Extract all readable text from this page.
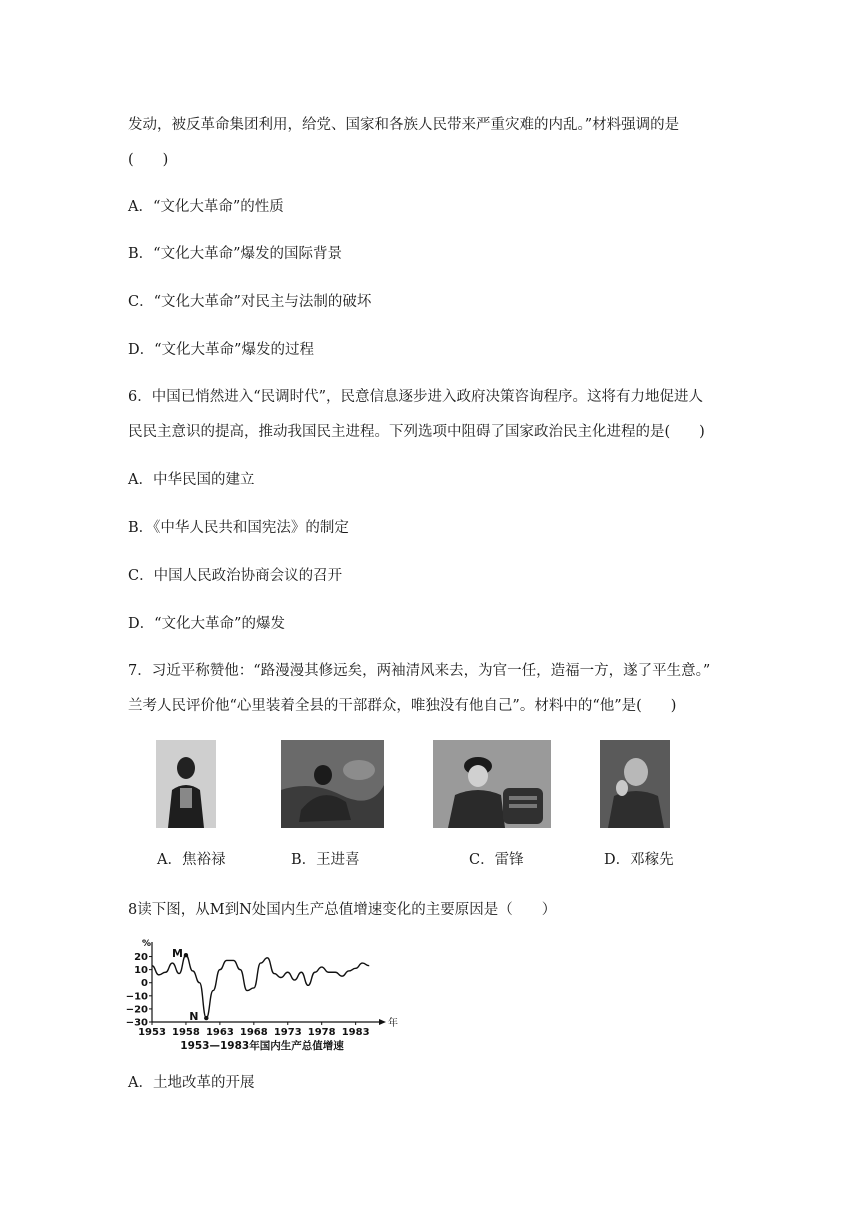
发动，被反革命集团利用，给党、国家和各族人民带来严重灾难的内乱。”材料强调的是
(　　)
A．“文化大革命”的性质
B．“文化大革命”爆发的国际背景
C．“文化大革命”对民主与法制的破坏
D．“文化大革命”爆发的过程
6．中国已悄然进入“民调时代”，民意信息逐步进入政府决策咨询程序。这将有力地促进人
民民主意识的提高，推动我国民主进程。下列选项中阻碍了国家政治民主化进程的是(　　)
A．中华民国的建立
B．《中华人民共和国宪法》的制定
C．中国人民政治协商会议的召开
D．“文化大革命”的爆发
7．习近平称赞他：“路漫漫其修远矣，两袖清风来去，为官一任，造福一方，遂了平生意。”
兰考人民评价他“心里装着全县的干部群众，唯独没有他自己”。材料中的“他”是(　　)
A．焦裕禄	B．王进喜	C．雷锋	D．邓稼先
8读下图，从M到N处国内生产总值增速变化的主要原因是（　　）
%
年
20
10
0
−10
−20
−30
1953 1958 1963 1968 1973 1978 1983
M
N
1953—1983年国内生产总值增速
A．土地改革的开展
